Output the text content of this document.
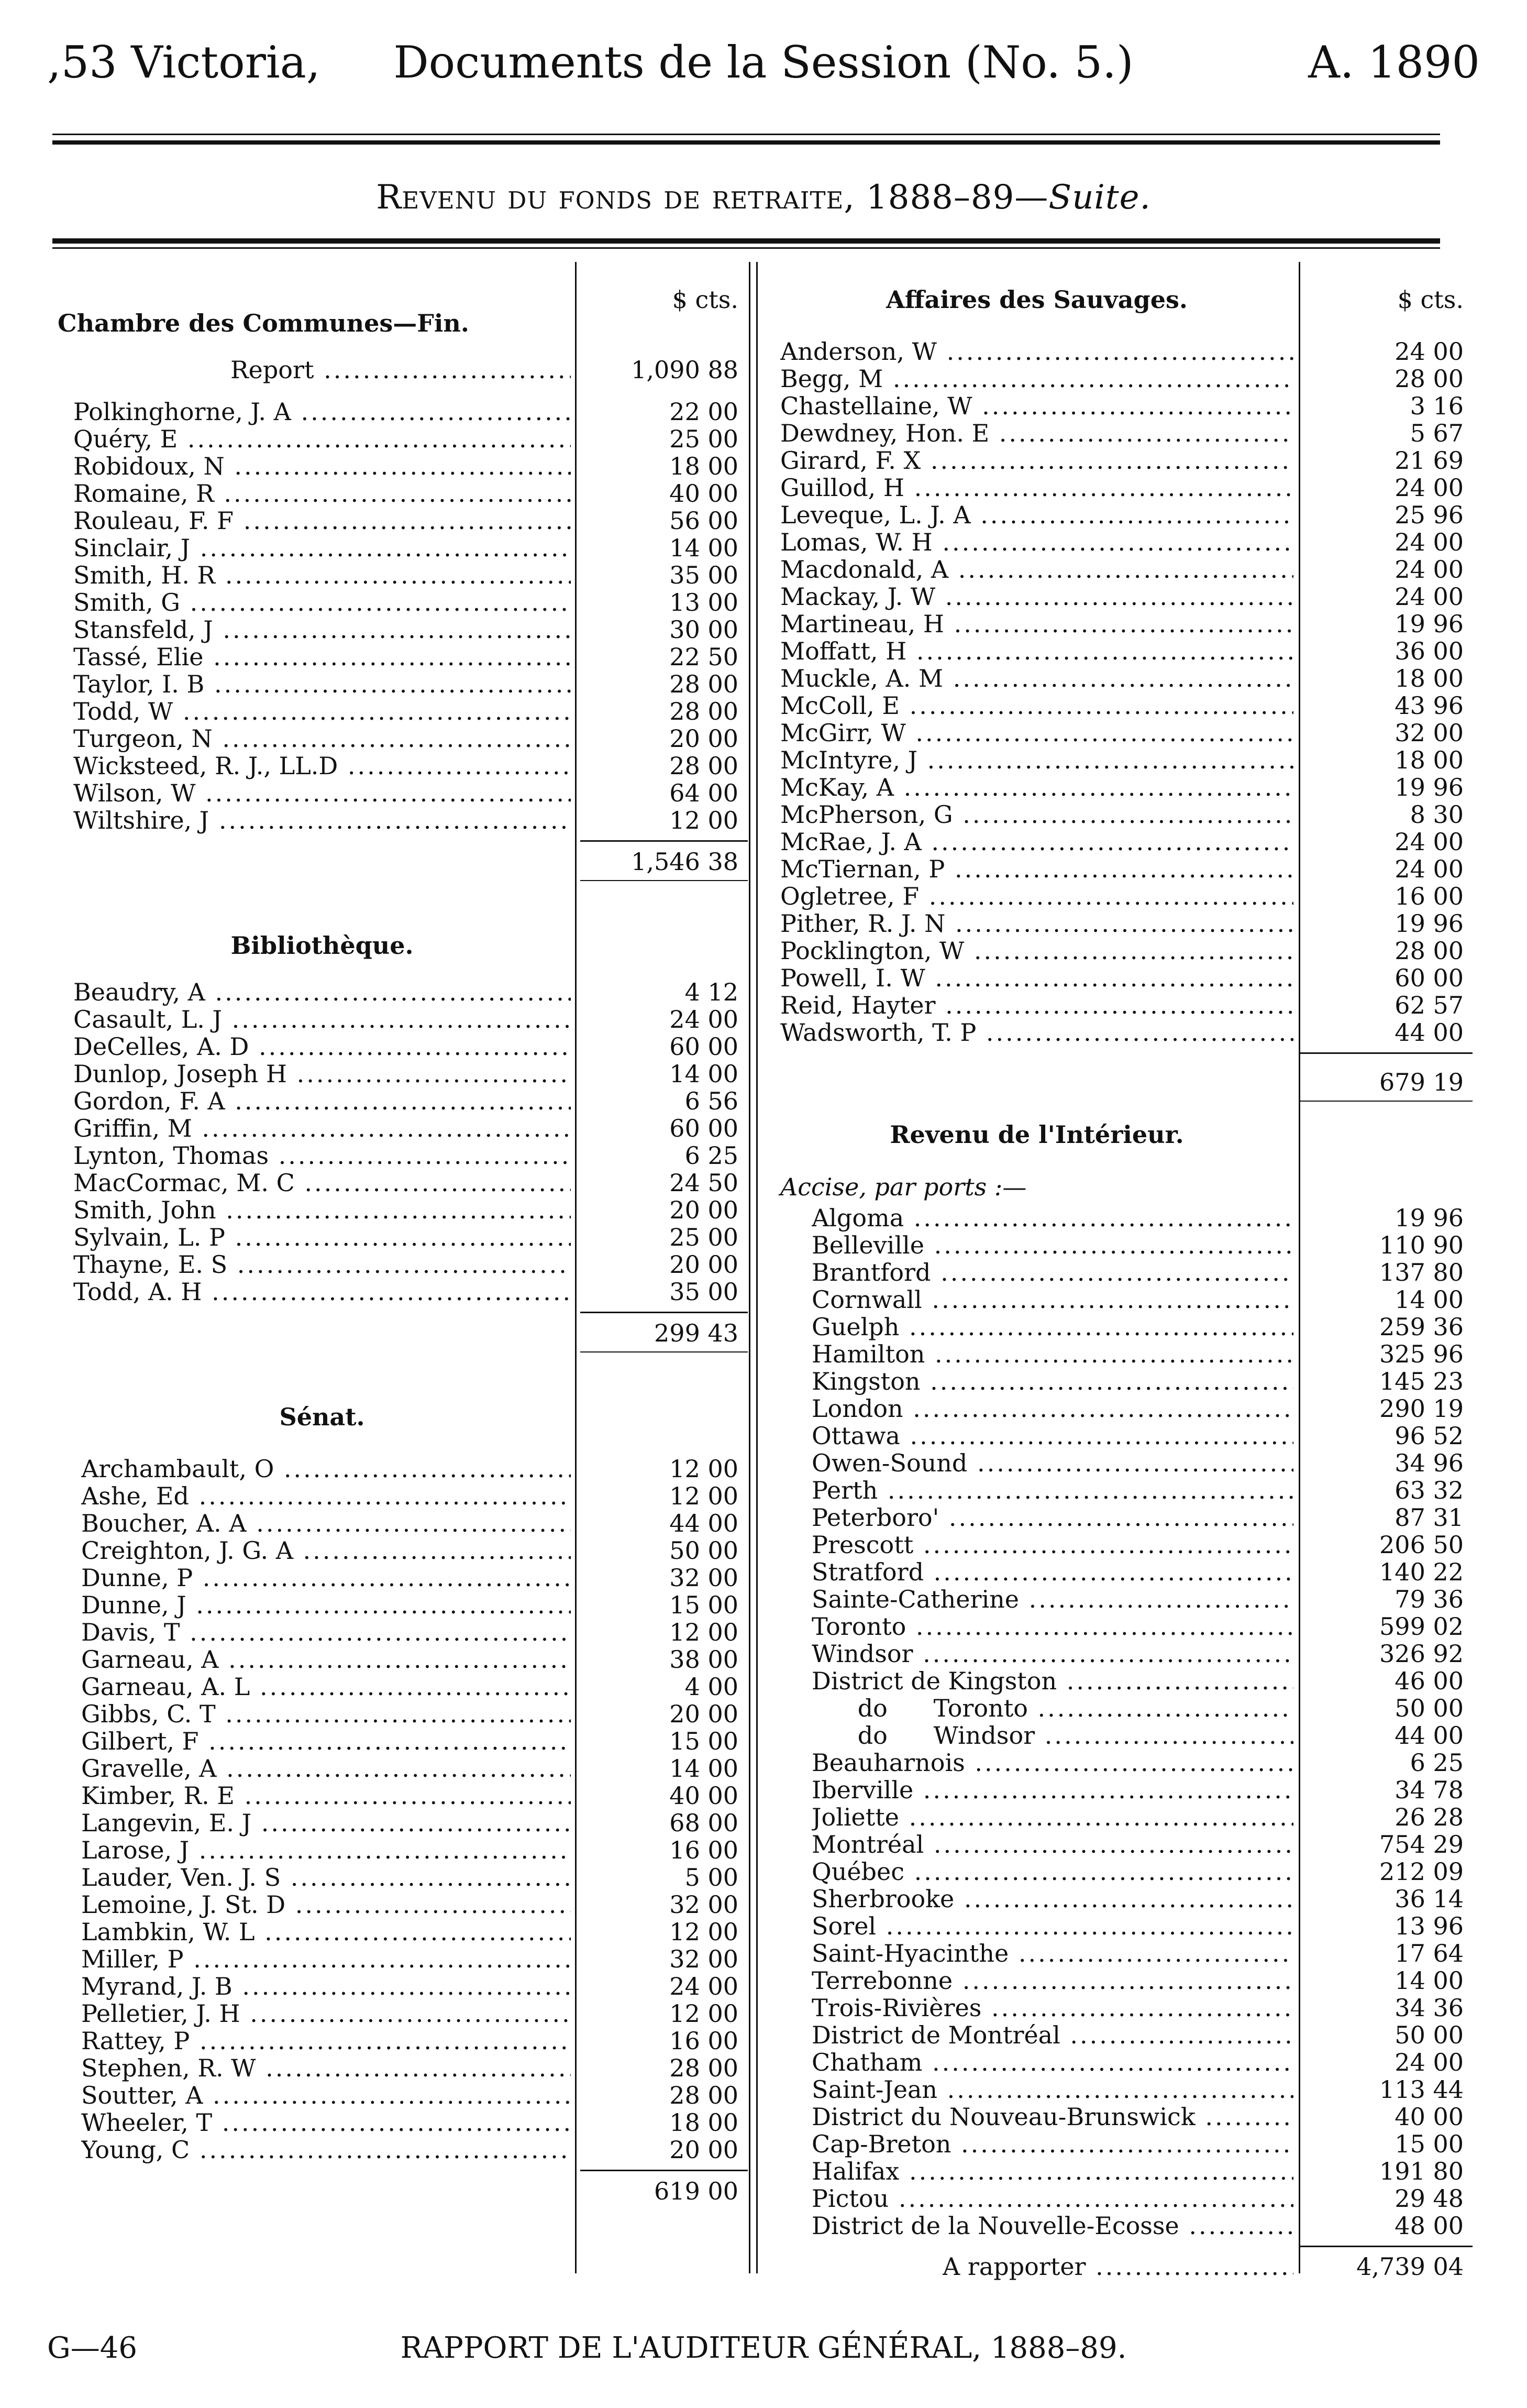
,53 Victoria,	Documents de la Session (No. 5.)	A. 1890
Revenu du fonds de retraite, 1888–89—Suite.
$ cts.	$ cts.
G—46	RAPPORT DE L'AUDITEUR GÉNÉRAL, 1888–89.
Chambre des Communes—Fin.
Report .....	1,090 88
Polkinghorne, J. A .....	22 00
Quéry, E .....	25 00
Robidoux, N .....	18 00
Romaine, R .....	40 00
Rouleau, F. F .....	56 00
Sinclair, J .....	14 00
Smith, H. R .....	35 00
Smith, G .....	13 00
Stansfeld, J .....	30 00
Tassé, Elie .....	22 50
Taylor, I. B .....	28 00
Todd, W .....	28 00
Turgeon, N .....	20 00
Wicksteed, R. J., LL.D .....	28 00
Wilson, W .....	64 00
Wiltshire, J .....	12 00
1,546 38
Bibliothèque.
Beaudry, A .....	4 12
Casault, L. J .....	24 00
DeCelles, A. D .....	60 00
Dunlop, Joseph H .....	14 00
Gordon, F. A .....	6 56
Griffin, M .....	60 00
Lynton, Thomas .....	6 25
MacCormac, M. C .....	24 50
Smith, John .....	20 00
Sylvain, L. P .....	25 00
Thayne, E. S .....	20 00
Todd, A. H .....	35 00
299 43
Sénat.
Archambault, O .....	12 00
Ashe, Ed .....	12 00
Boucher, A. A .....	44 00
Creighton, J. G. A .....	50 00
Dunne, P .....	32 00
Dunne, J .....	15 00
Davis, T .....	12 00
Garneau, A .....	38 00
Garneau, A. L .....	4 00
Gibbs, C. T .....	20 00
Gilbert, F .....	15 00
Gravelle, A .....	14 00
Kimber, R. E .....	40 00
Langevin, E. J .....	68 00
Larose, J .....	16 00
Lauder, Ven. J. S .....	5 00
Lemoine, J. St. D .....	32 00
Lambkin, W. L .....	12 00
Miller, P .....	32 00
Myrand, J. B .....	24 00
Pelletier, J. H .....	12 00
Rattey, P .....	16 00
Stephen, R. W .....	28 00
Soutter, A .....	28 00
Wheeler, T .....	18 00
Young, C .....	20 00
619 00
Affaires des Sauvages.
Anderson, W .....	24 00
Begg, M .....	28 00
Chastellaine, W .....	3 16
Dewdney, Hon. E .....	5 67
Girard, F. X .....	21 69
Guillod, H .....	24 00
Leveque, L. J. A .....	25 96
Lomas, W. H .....	24 00
Macdonald, A .....	24 00
Mackay, J. W .....	24 00
Martineau, H .....	19 96
Moffatt, H .....	36 00
Muckle, A. M .....	18 00
McColl, E .....	43 96
McGirr, W .....	32 00
McIntyre, J .....	18 00
McKay, A .....	19 96
McPherson, G .....	8 30
McRae, J. A .....	24 00
McTiernan, P .....	24 00
Ogletree, F .....	16 00
Pither, R. J. N .....	19 96
Pocklington, W .....	28 00
Powell, I. W .....	60 00
Reid, Hayter .....	62 57
Wadsworth, T. P .....	44 00
679 19
Revenu de l'Intérieur.
Accise, par ports :—
Algoma .....	19 96
Belleville .....	110 90
Brantford .....	137 80
Cornwall .....	14 00
Guelph .....	259 36
Hamilton .....	325 96
Kingston .....	145 23
London .....	290 19
Ottawa .....	96 52
Owen-Sound .....	34 96
Perth .....	63 32
Peterboro' .....	87 31
Prescott .....	206 50
Stratford .....	140 22
Sainte-Catherine .....	79 36
Toronto .....	599 02
Windsor .....	326 92
District de Kingston .....	46 00
do      Toronto .....	50 00
do      Windsor .....	44 00
Beauharnois .....	6 25
Iberville .....	34 78
Joliette .....	26 28
Montréal .....	754 29
Québec .....	212 09
Sherbrooke .....	36 14
Sorel .....	13 96
Saint-Hyacinthe .....	17 64
Terrebonne .....	14 00
Trois-Rivières .....	34 36
District de Montréal .....	50 00
Chatham .....	24 00
Saint-Jean .....	113 44
District du Nouveau-Brunswick .....	40 00
Cap-Breton .....	15 00
Halifax .....	191 80
Pictou .....	29 48
District de la Nouvelle-Ecosse .....	48 00
A rapporter .....	4,739 04
